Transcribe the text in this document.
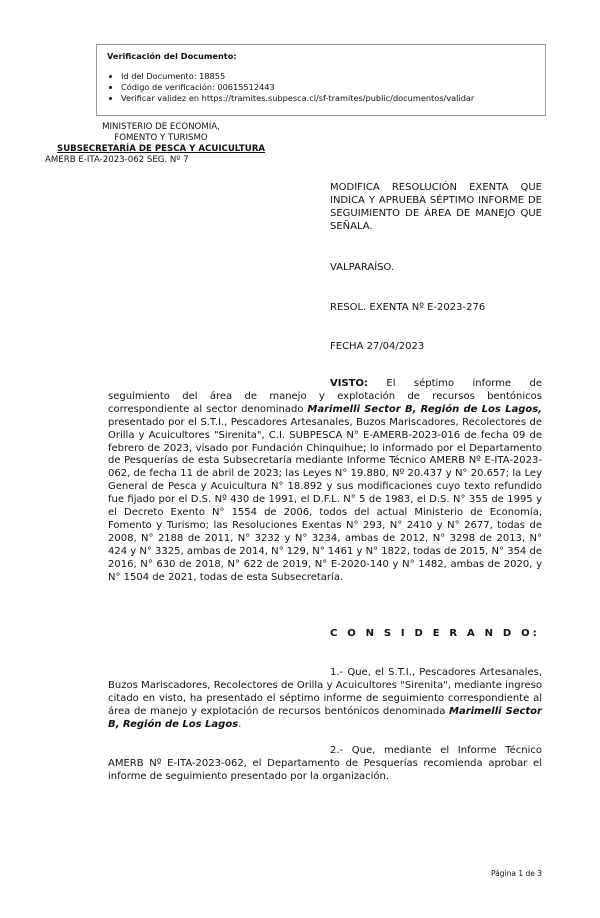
Verificación del Documento:
• Id del Documento: 18855
• Código de verificación: 00615512443
• Verificar validez en https://tramites.subpesca.cl/sf-tramites/public/documentos/validar
MINISTERIO DE ECONOMÍA,
FOMENTO Y TURISMO
SUBSECRETARÍA DE PESCA Y ACUICULTURA
AMERB E-ITA-2023-062 SEG. Nº 7
MODIFICA RESOLUCIÓN EXENTA QUE INDICA Y APRUEBA SÉPTIMO INFORME DE SEGUIMIENTO DE ÁREA DE MANEJO QUE SEÑALA.
VALPARAÍSO.
RESOL. EXENTA Nº E-2023-276
FECHA 27/04/2023
VISTO: El séptimo informe de seguimiento del área de manejo y explotación de recursos bentónicos correspondiente al sector denominado Marimelli Sector B, Región de Los Lagos, presentado por el S.T.I., Pescadores Artesanales, Buzos Mariscadores, Recolectores de Orilla y Acuicultores "Sirenita", C.I. SUBPESCA N° E-AMERB-2023-016 de fecha 09 de febrero de 2023, visado por Fundación Chinquihue; lo informado por el Departamento de Pesquerías de esta Subsecretaría mediante Informe Técnico AMERB Nº E-ITA-2023-062, de fecha 11 de abril de 2023; las Leyes N° 19.880, Nº 20.437 y N° 20.657; la Ley General de Pesca y Acuicultura N° 18.892 y sus modificaciones cuyo texto refundido fue fijado por el D.S. Nº 430 de 1991, el D.F.L. N° 5 de 1983, el D.S. N° 355 de 1995 y el Decreto Exento N° 1554 de 2006, todos del actual Ministerio de Economía, Fomento y Turismo; las Resoluciones Exentas N° 293, N° 2410 y N° 2677, todas de 2008, N° 2188 de 2011, N° 3232 y N° 3234, ambas de 2012, N° 3298 de 2013, N° 424 y N° 3325, ambas de 2014, N° 129, N° 1461 y N° 1822, todas de 2015, N° 354 de 2016, N° 630 de 2018, N° 622 de 2019, N° E-2020-140 y N° 1482, ambas de 2020, y N° 1504 de 2021, todas de esta Subsecretaría.
C O N S I D E R A N D O:
1.- Que, el S.T.I., Pescadores Artesanales, Buzos Mariscadores, Recolectores de Orilla y Acuicultores "Sirenita", mediante ingreso citado en visto, ha presentado el séptimo informe de seguimiento correspondiente al área de manejo y explotación de recursos bentónicos denominada Marimelli Sector B, Región de Los Lagos.
2.- Que, mediante el Informe Técnico AMERB Nº E-ITA-2023-062, el Departamento de Pesquerías recomienda aprobar el informe de seguimiento presentado por la organización.
Página 1 de 3
